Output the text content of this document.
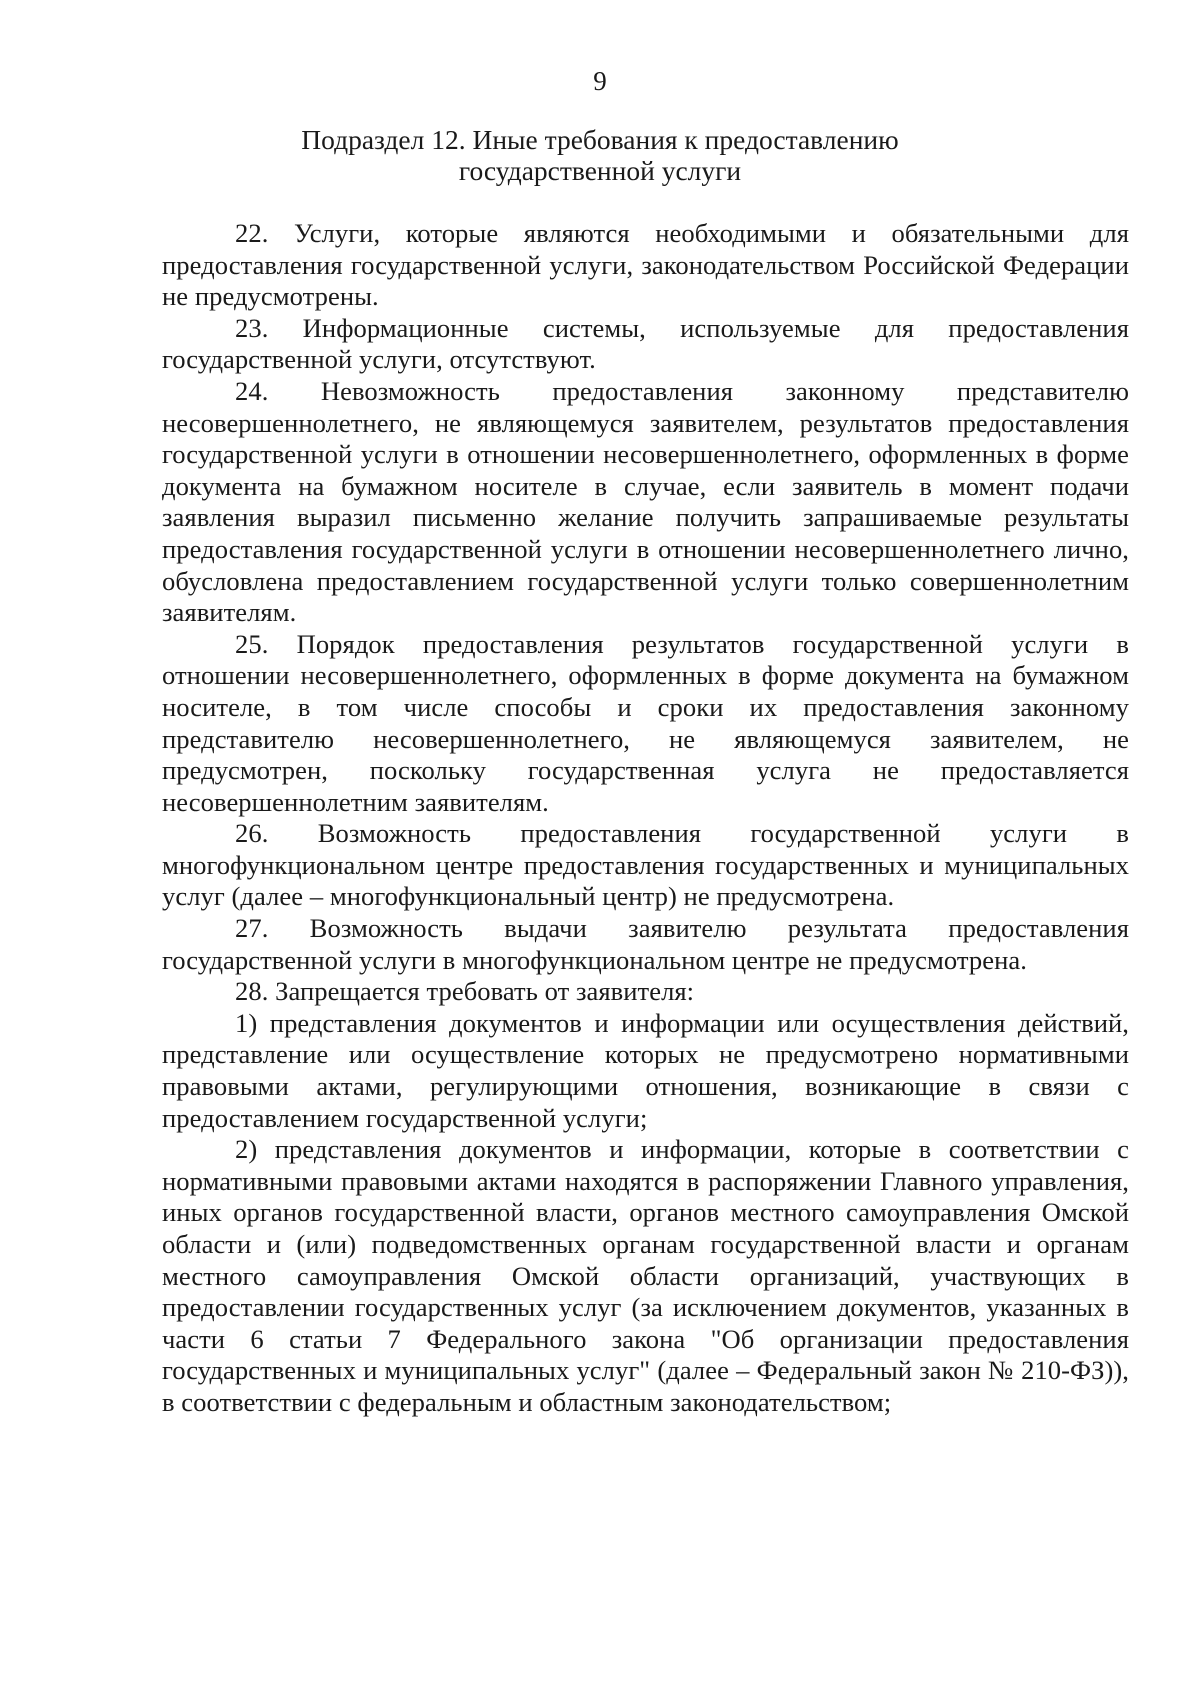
9
Подраздел 12. Иные требования к предоставлению
государственной услуги

22. Услуги, которые являются необходимыми и обязательными для предоставления государственной услуги, законодательством Российской Федерации не предусмотрены.

23. Информационные системы, используемые для предоставления государственной услуги, отсутствуют.

24. Невозможность предоставления законному представителю несовершеннолетнего, не являющемуся заявителем, результатов предоставления государственной услуги в отношении несовершеннолетнего, оформленных в форме документа на бумажном носителе в случае, если заявитель в момент подачи заявления выразил письменно желание получить запрашиваемые результаты предоставления государственной услуги в отношении несовершеннолетнего лично, обусловлена предоставлением государственной услуги только совершеннолетним заявителям.

25. Порядок предоставления результатов государственной услуги в отношении несовершеннолетнего, оформленных в форме документа на бумажном носителе, в том числе способы и сроки их предоставления законному представителю несовершеннолетнего, не являющемуся заявителем, не предусмотрен, поскольку государственная услуга не предоставляется несовершеннолетним заявителям.

26. Возможность предоставления государственной услуги в многофункциональном центре предоставления государственных и муниципальных услуг (далее – многофункциональный центр) не предусмотрена.

27. Возможность выдачи заявителю результата предоставления государственной услуги в многофункциональном центре не предусмотрена.

28. Запрещается требовать от заявителя:

1) представления документов и информации или осуществления действий, представление или осуществление которых не предусмотрено нормативными правовыми актами, регулирующими отношения, возникающие в связи с предоставлением государственной услуги;

2) представления документов и информации, которые в соответствии с нормативными правовыми актами находятся в распоряжении Главного управления, иных органов государственной власти, органов местного самоуправления Омской области и (или) подведомственных органам государственной власти и органам местного самоуправления Омской области организаций, участвующих в предоставлении государственных услуг (за исключением документов, указанных в части 6 статьи 7 Федерального закона "Об организации предоставления государственных и муниципальных услуг" (далее – Федеральный закон № 210-ФЗ)), в соответствии с федеральным и областным законодательством;
